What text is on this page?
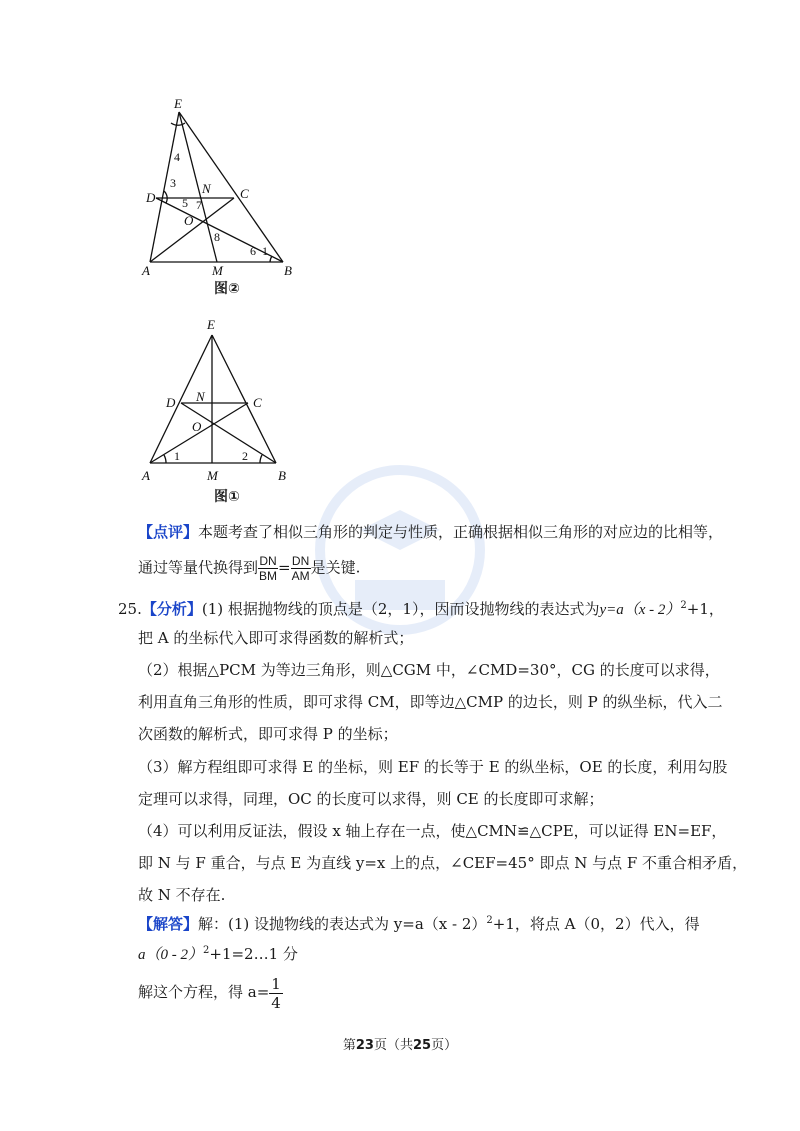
E
D
N C
O
A	M	B
4
3
5 7
8
6 1
图②
E
D N	C
O
A	M	B
1	2
图①
【点评】本题考查了相似三角形的判定与性质，正确根据相似三角形的对应边的比相等，
通过等量代换得到 $\frac{DN}{BM} = \frac{DN}{AM}$ 是关键.
25.【分析】(1) 根据抛物线的顶点是（2，1），因而设抛物线的表达式为y=a（x - 2）$^2$+1，
把 A 的坐标代入即可求得函数的解析式；
（2）根据△PCM 为等边三角形，则△CGM 中，∠CMD=30°，CG 的长度可以求得，
利用直角三角形的性质，即可求得 CM，即等边△CMP 的边长，则 P 的纵坐标，代入二
次函数的解析式，即可求得 P 的坐标；
（3）解方程组即可求得 E 的坐标，则 EF 的长等于 E 的纵坐标，OE 的长度，利用勾股
定理可以求得，同理，OC 的长度可以求得，则 CE 的长度即可求解；
（4）可以利用反证法，假设 x 轴上存在一点，使△CMN≌△CPE，可以证得 EN=EF，
即 N 与 F 重合，与点 E 为直线 y=x 上的点，∠CEF=45° 即点 N 与点 F 不重合相矛盾，
故 N 不存在.
【解答】解：(1) 设抛物线的表达式为 y=a（x - 2）$^2$+1，将点 A（0，2）代入，得
a（0 - 2）$^2$+1=2…1 分
解这个方程，得 $a= \frac{1}{4}$
第23页（共25页）
